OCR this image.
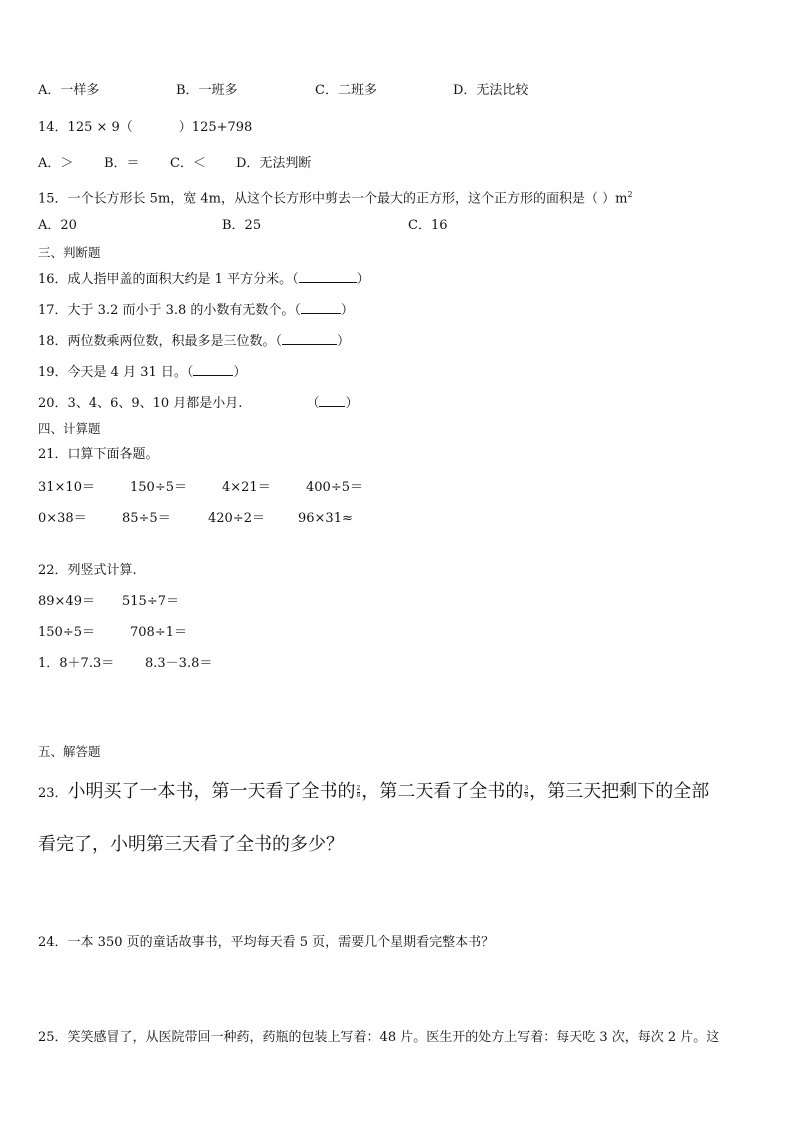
A．一样多	B．一班多	C．二班多	D．无法比较
14．125 × 9（	）125+798
A．＞ B．＝ C．＜ D．无法判断
15．一个长方形长 5m，宽 4m，从这个长方形中剪去一个最大的正方形，这个正方形的面积是（ ）$m^2$
A．20	B．25	C．16
三、判断题
16．成人指甲盖的面积大约是 1 平方分米。（	）
17．大于 3.2 而小于 3.8 的小数有无数个。（	）
18．两位数乘两位数，积最多是三位数。（	）
19．今天是 4 月 31 日。（	）
20．3、4、6、9、10 月都是小月.	（ ）
四、计算题
21．口算下面各题。
31×10＝	150÷5＝	4×21＝	400÷5＝
0×38＝	85÷5＝	420÷2＝	96×31≈
22．列竖式计算.
89×49＝ 515÷7＝
150÷5＝	708÷1＝
1．8＋7.3＝ 8.3－3.8＝
五、解答题
23．小明买了一本书，第一天看了全书的 $\frac{2}{8}$ ，第二天看了全书的 $\frac{3}{8}$ ，第三天把剩下的全部
看完了，小明第三天看了全书的多少？
24．一本 350 页的童话故事书，平均每天看 5 页，需要几个星期看完整本书？
25．笑笑感冒了，从医院带回一种药，药瓶的包装上写着：48 片。医生开的处方上写着：每天吃 3 次，每次 2 片。这
